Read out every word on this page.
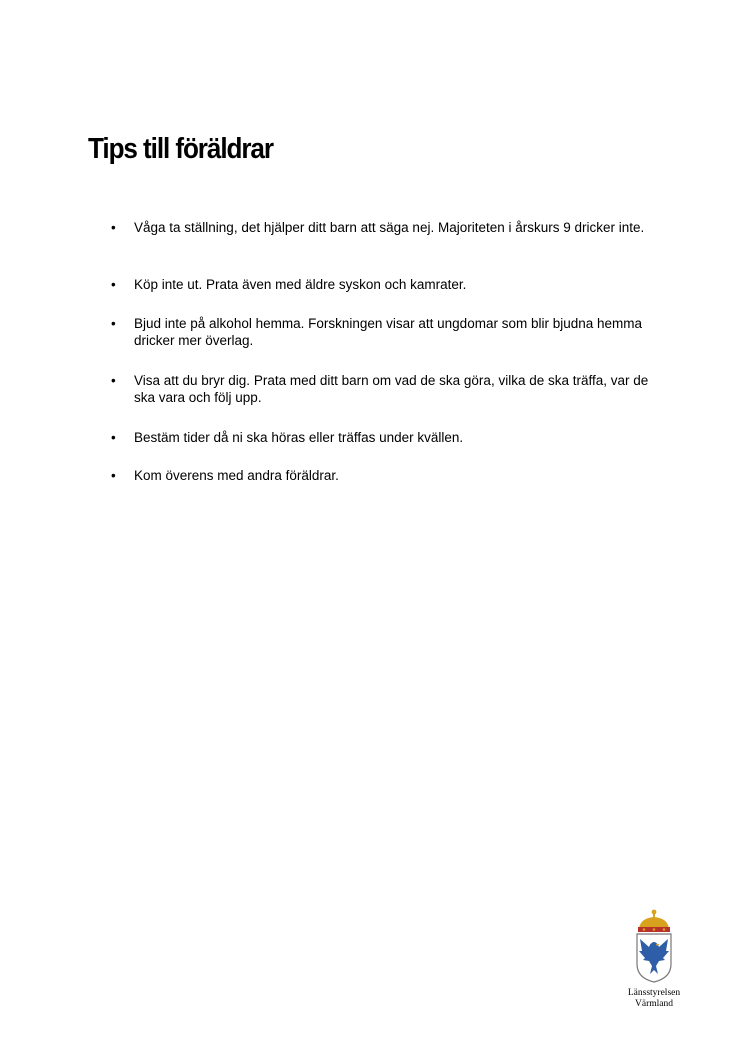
Tips till föräldrar
• Våga ta ställning, det hjälper ditt barn att säga nej. Majoriteten i årskurs 9 dricker inte.
• Köp inte ut. Prata även med äldre syskon och kamrater.
• Bjud inte på alkohol hemma. Forskningen visar att ungdomar som blir bjudna hemma dricker mer överlag.
• Visa att du bryr dig. Prata med ditt barn om vad de ska göra, vilka de ska träffa, var de ska vara och följ upp.
• Bestäm tider då ni ska höras eller träffas under kvällen.
• Kom överens med andra föräldrar.
Länsstyrelsen
Värmland
